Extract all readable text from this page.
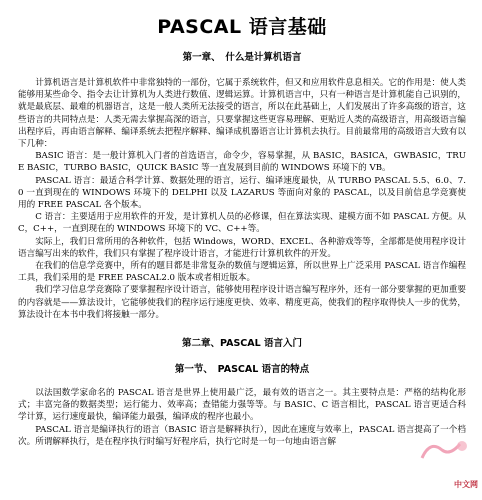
PASCAL 语言基础
第一章、　什么是计算机语言

计算机语言是计算机软件中非常独特的一部份，它属于系统软件，但又和应用软件息息相关。它的作用是：使人类能够用某些命令、指令去让计算机为人类进行数值、逻辑运算。计算机语言中，只有一种语言是计算机能自己识别的，就是最底层、最难的机器语言，这是一般人类所无法接受的语言，所以在此基础上，人们发展出了许多高级的语言，这些语言的共同特点是：人类无需去掌握高深的语言，只要掌握这些更容易理解、更贴近人类的高级语言，用高级语言编出程序后，再由语言解释、编译系统去把程序解释、编译成机器语言让计算机去执行。目前最常用的高级语言大致有以下几种：

BASIC 语言：是一般计算机入门者的首选语言，命令少，容易掌握，从 BASIC，BASICA，GWBASIC，TRUE BASIC，TURBO BASIC，QUICK BASIC 等一直发展到目前的 WINDOWS 环境下的 VB。

PASCAL 语言：最适合科学计算、数据处理的语言，运行、编译速度最快，从 TURBO PASCAL 5.5、6.0、7.0 一直到现在的 WINDOWS 环境下的 DELPHI 以及 LAZARUS 等面向对象的 PASCAL，以及目前信息学竞赛使用的 FREE PASCAL 各个版本。

C 语言：主要适用于应用软件的开发，是计算机人员的必修课，但在算法实现、建模方面不如 PASCAL 方便。从 C，C++，一直到现在的 WINDOWS 环境下的 VC、C++等。

实际上，我们日常所用的各种软件，包括 Windows，WORD、EXCEL、各种游戏等等，全部都是使用程序设计语言编写出来的软件，我们只有掌握了程序设计语言，才能进行计算机软件的开发。

在我们的信息学竞赛中，所有的题目都是非常复杂的数值与逻辑运算，所以世界上广泛采用 PASCAL 语言作编程工具，我们采用的是 FREE PASCAL2.0 版本或者相近版本。

我们学习信息学竞赛除了要掌握程序设计语言，能够使用程序设计语言编写程序外，还有一部分要掌握的更加重要的内容就是——算法设计，它能够使我们的程序运行速度更快、效率、精度更高，使我们的程序取得快人一步的优势，算法设计在本书中我们将接触一部分。

第二章、PASCAL 语言入门
第一节、　PASCAL 语言的特点

以法国数学家命名的 PASCAL 语言是世界上使用最广泛，最有效的语言之一。其主要特点是：严格的结构化形式；丰富完备的数据类型；运行能力、效率高；查错能力强等等。与 BASIC、C 语言相比，PASCAL 语言更适合科学计算，运行速度最快，编译能力最强，编译成的程序也最小。

PASCAL 语言是编译执行的语言（BASIC 语言是解释执行），因此在速度与效率上，PASCAL 语言提高了一个档次。所谓解释执行，是在程序执行时编写好程序后，执行它时是一句一句地由语言解

中文网
